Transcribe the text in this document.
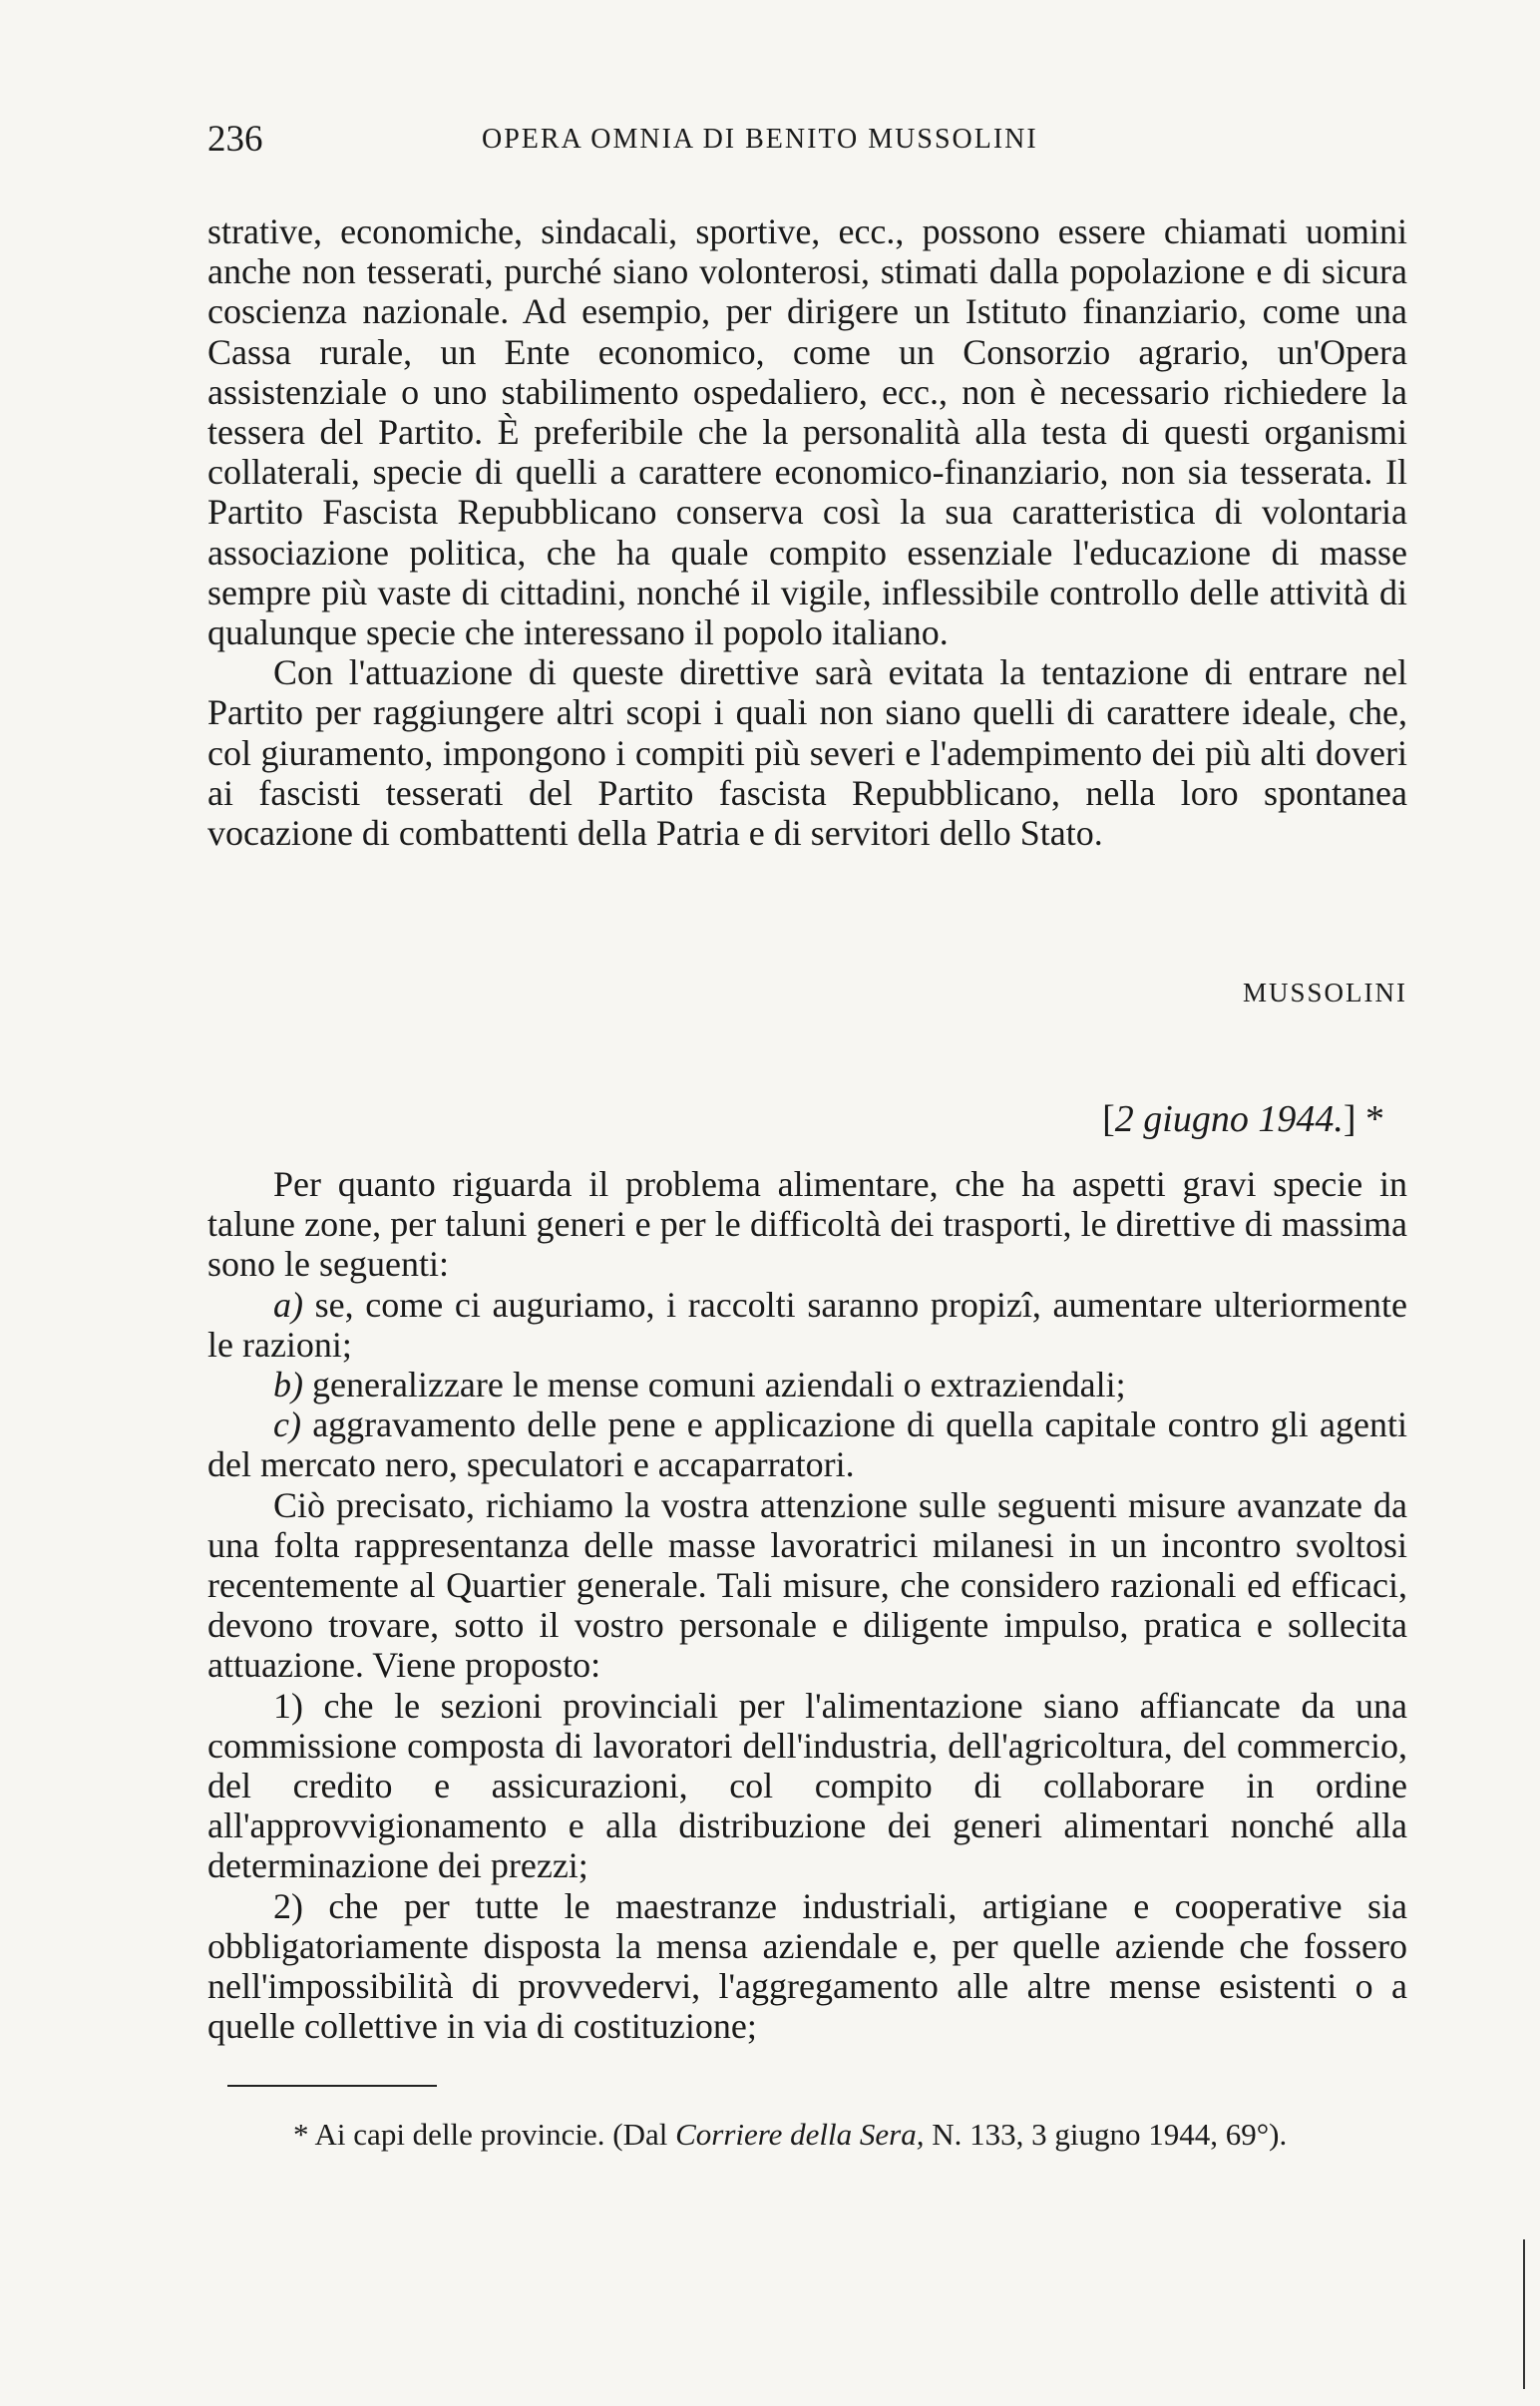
236	OPERA OMNIA DI BENITO MUSSOLINI

strative, economiche, sindacali, sportive, ecc., possono essere chiamati uomini anche non tesserati, purché siano volonterosi, stimati dalla popolazione e di sicura coscienza nazionale. Ad esempio, per dirigere un Istituto finanziario, come una Cassa rurale, un Ente economico, come un Consorzio agrario, un'Opera assistenziale o uno stabilimento ospedaliero, ecc., non è necessario richiedere la tessera del Partito. È preferibile che la personalità alla testa di questi organismi collaterali, specie di quelli a carattere economico-finanziario, non sia tesserata. Il Partito Fascista Repubblicano conserva così la sua caratteristica di volontaria associazione politica, che ha quale compito essenziale l'educazione di masse sempre più vaste di cittadini, nonché il vigile, inflessibile controllo delle attività di qualunque specie che interessano il popolo italiano.

Con l'attuazione di queste direttive sarà evitata la tentazione di entrare nel Partito per raggiungere altri scopi i quali non siano quelli di carattere ideale, che, col giuramento, impongono i compiti più severi e l'adempimento dei più alti doveri ai fascisti tesserati del Partito fascista Repubblicano, nella loro spontanea vocazione di combattenti della Patria e di servitori dello Stato.

MUSSOLINI
[2 giugno 1944.] *

Per quanto riguarda il problema alimentare, che ha aspetti gravi specie in talune zone, per taluni generi e per le difficoltà dei trasporti, le direttive di massima sono le seguenti:

a) se, come ci auguriamo, i raccolti saranno propizî, aumentare ulteriormente le razioni;

b) generalizzare le mense comuni aziendali o extraziendali;

c) aggravamento delle pene e applicazione di quella capitale contro gli agenti del mercato nero, speculatori e accaparratori.

Ciò precisato, richiamo la vostra attenzione sulle seguenti misure avanzate da una folta rappresentanza delle masse lavoratrici milanesi in un incontro svoltosi recentemente al Quartier generale. Tali misure, che considero razionali ed efficaci, devono trovare, sotto il vostro personale e diligente impulso, pratica e sollecita attuazione. Viene proposto:

1) che le sezioni provinciali per l'alimentazione siano affiancate da una commissione composta di lavoratori dell'industria, dell'agricoltura, del commercio, del credito e assicurazioni, col compito di collaborare in ordine all'approvvigionamento e alla distribuzione dei generi alimentari nonché alla determinazione dei prezzi;

2) che per tutte le maestranze industriali, artigiane e cooperative sia obbligatoriamente disposta la mensa aziendale e, per quelle aziende che fossero nell'impossibilità di provvedervi, l'aggregamento alle altre mense esistenti o a quelle collettive in via di costituzione;

* Ai capi delle provincie. (Dal Corriere della Sera, N. 133, 3 giugno 1944, 69°).
